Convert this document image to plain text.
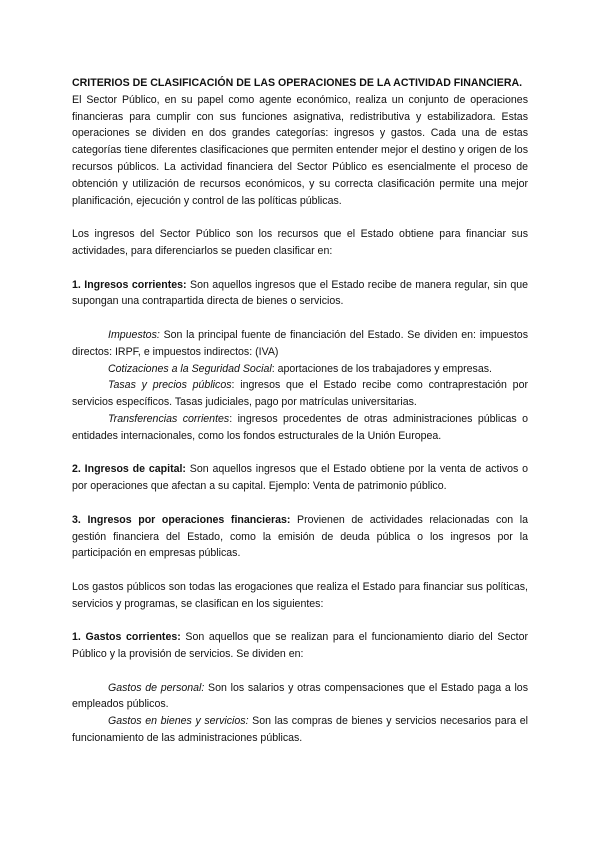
CRITERIOS DE CLASIFICACIÓN DE LAS OPERACIONES DE LA ACTIVIDAD FINANCIERA.

El Sector Público, en su papel como agente económico, realiza un conjunto de operaciones financieras para cumplir con sus funciones asignativa, redistributiva y estabilizadora. Estas operaciones se dividen en dos grandes categorías: ingresos y gastos. Cada una de estas categorías tiene diferentes clasificaciones que permiten entender mejor el destino y origen de los recursos públicos. La actividad financiera del Sector Público es esencialmente el proceso de obtención y utilización de recursos económicos, y su correcta clasificación permite una mejor planificación, ejecución y control de las políticas públicas.

Los ingresos del Sector Público son los recursos que el Estado obtiene para financiar sus actividades, para diferenciarlos se pueden clasificar en:

1. Ingresos corrientes: Son aquellos ingresos que el Estado recibe de manera regular, sin que supongan una contrapartida directa de bienes o servicios.

Impuestos: Son la principal fuente de financiación del Estado. Se dividen en: impuestos directos: IRPF, e impuestos indirectos: (IVA)

Cotizaciones a la Seguridad Social: aportaciones de los trabajadores y empresas.

Tasas y precios públicos: ingresos que el Estado recibe como contraprestación por servicios específicos. Tasas judiciales, pago por matrículas universitarias.

Transferencias corrientes: ingresos procedentes de otras administraciones públicas o entidades internacionales, como los fondos estructurales de la Unión Europea.

2. Ingresos de capital: Son aquellos ingresos que el Estado obtiene por la venta de activos o por operaciones que afectan a su capital. Ejemplo: Venta de patrimonio público.

3. Ingresos por operaciones financieras: Provienen de actividades relacionadas con la gestión financiera del Estado, como la emisión de deuda pública o los ingresos por la participación en empresas públicas.

Los gastos públicos son todas las erogaciones que realiza el Estado para financiar sus políticas, servicios y programas, se clasifican en los siguientes:

1. Gastos corrientes: Son aquellos que se realizan para el funcionamiento diario del Sector Público y la provisión de servicios. Se dividen en:

Gastos de personal: Son los salarios y otras compensaciones que el Estado paga a los empleados públicos.

Gastos en bienes y servicios: Son las compras de bienes y servicios necesarios para el funcionamiento de las administraciones públicas.
